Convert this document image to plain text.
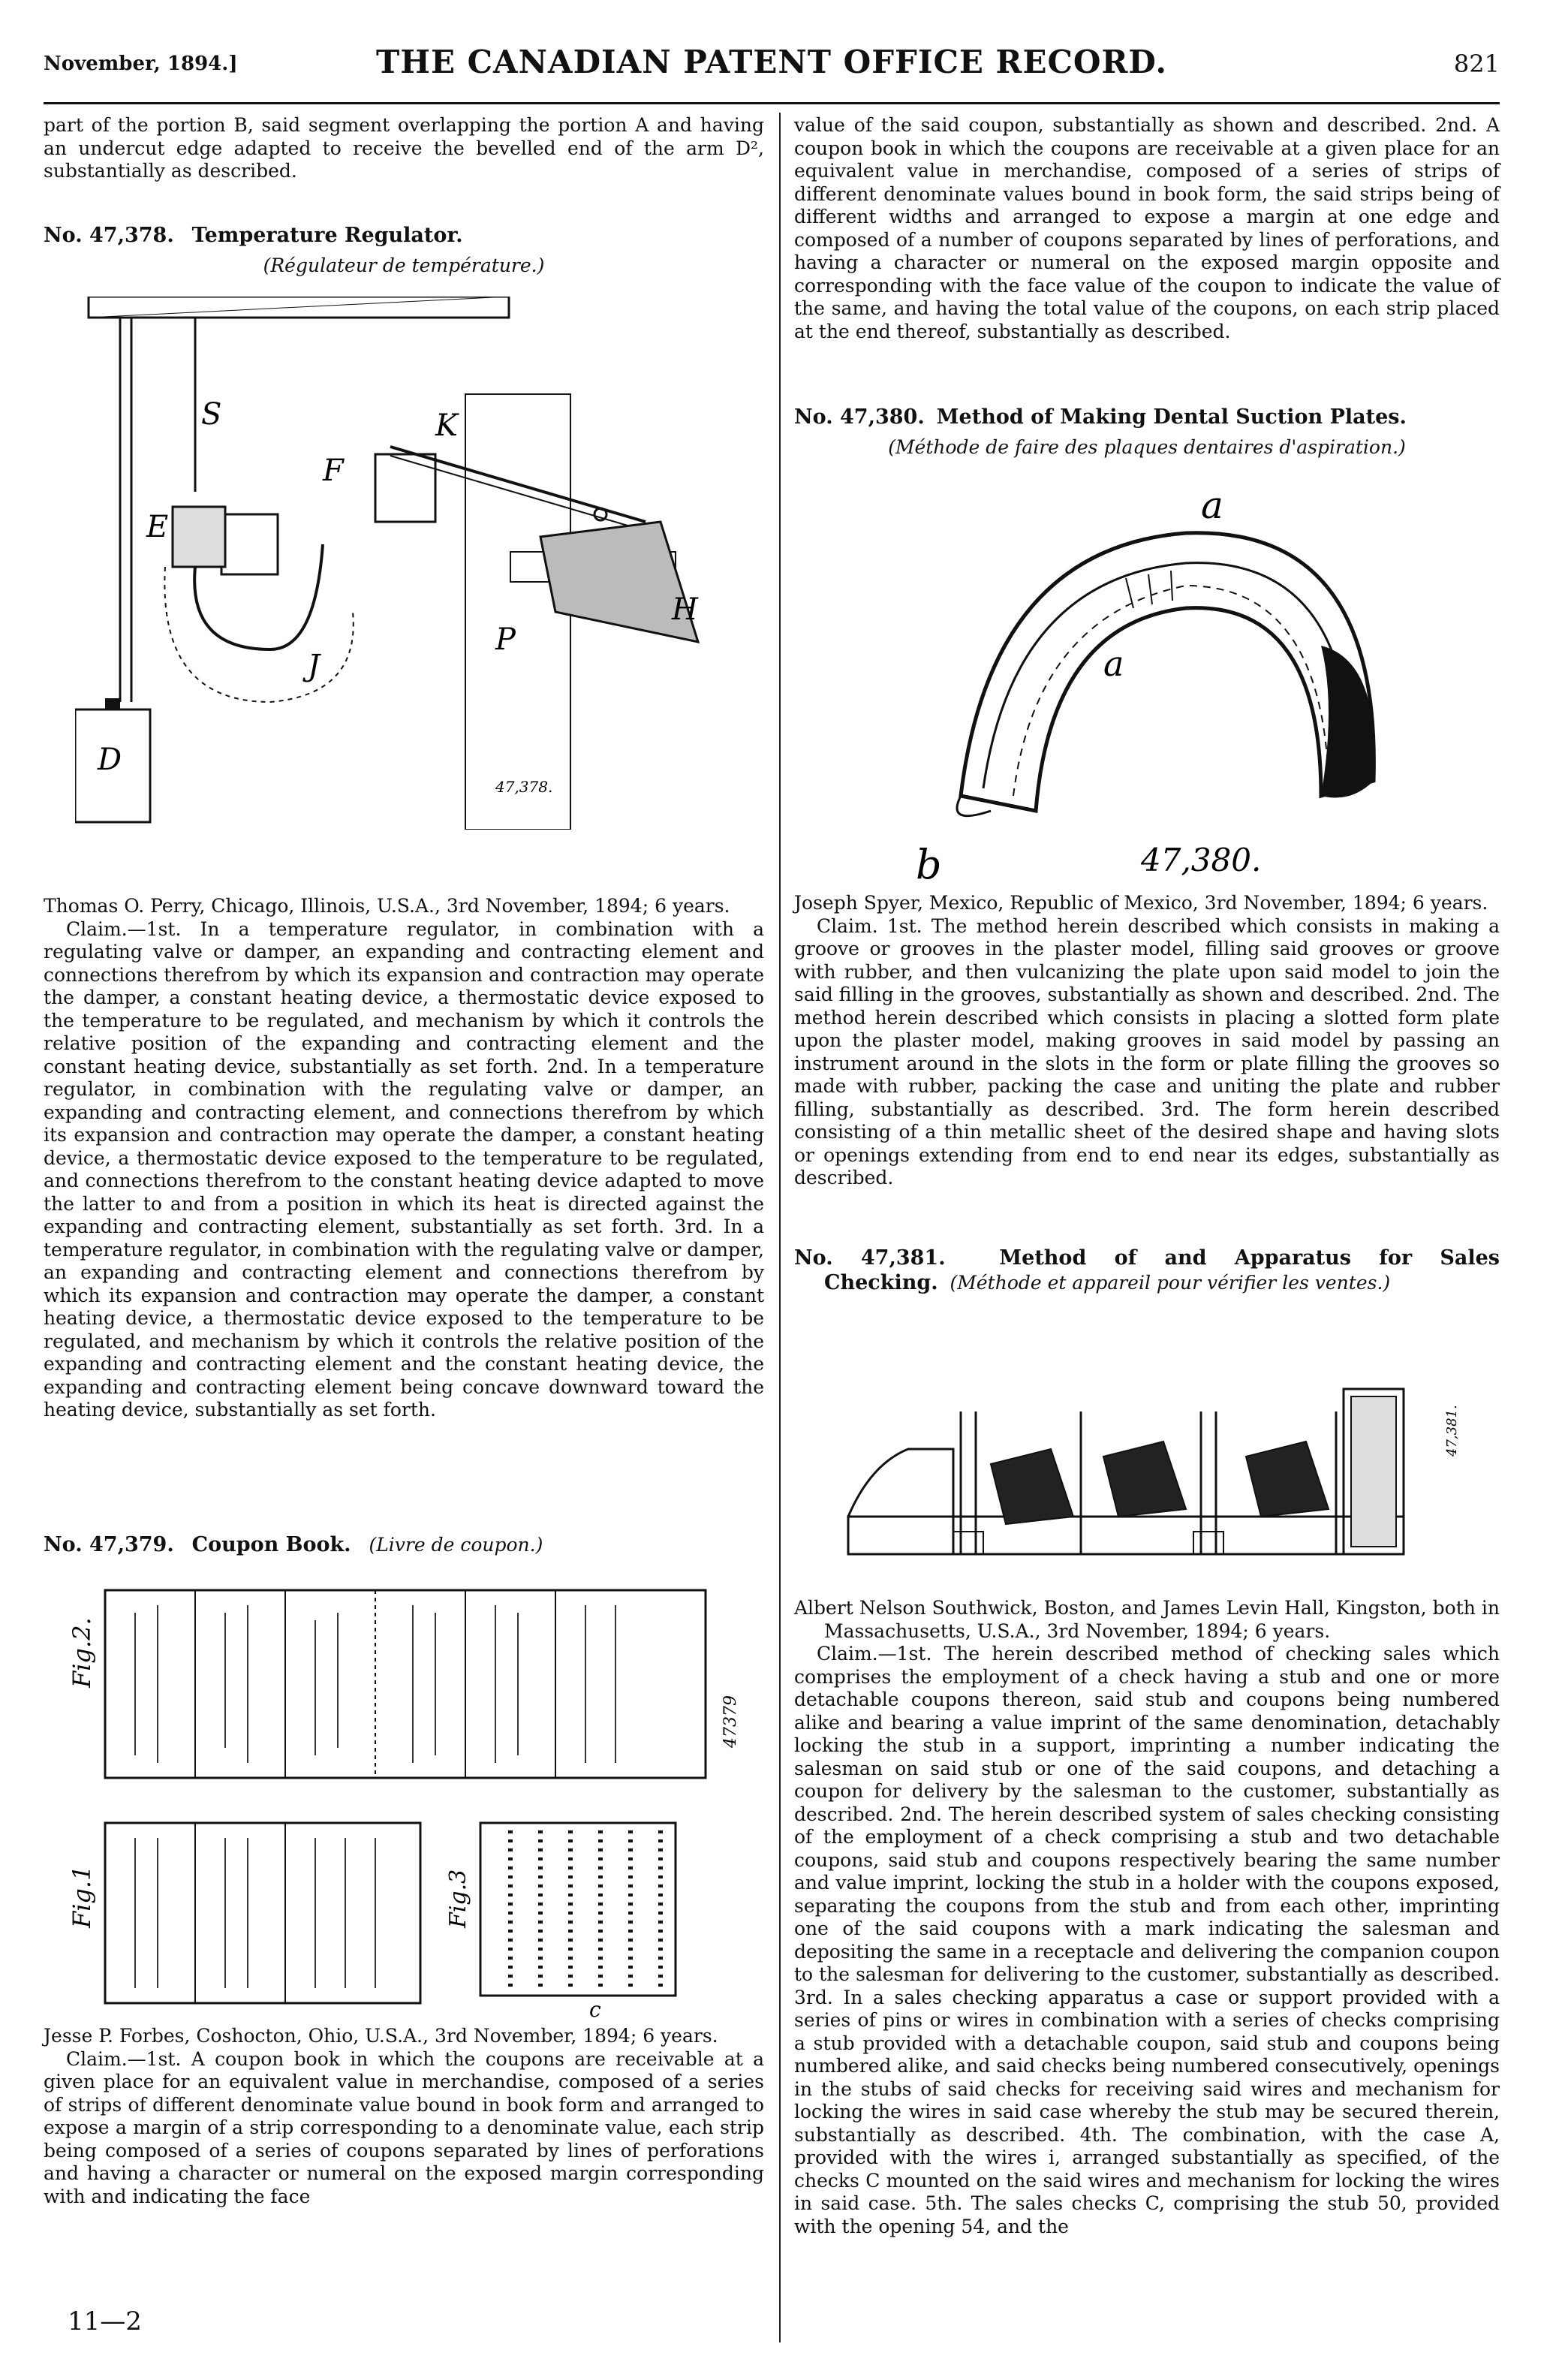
November, 1894.]	THE CANADIAN PATENT OFFICE RECORD.	821

part of the portion B, said segment overlapping the portion A and having an undercut edge adapted to receive the bevelled end of the arm D², substantially as described.

No. 47,378. Temperature Regulator.

(Régulateur de température.)

S	K
F
E
H
P
J
D
47,378.

Thomas O. Perry, Chicago, Illinois, U.S.A., 3rd November, 1894; 6 years.

Claim.—1st. In a temperature regulator, in combination with a regulating valve or damper, an expanding and contracting element and connections therefrom by which its expansion and contraction may operate the damper, a constant heating device, a thermostatic device exposed to the temperature to be regulated, and mechanism by which it controls the relative position of the expanding and contracting element and the constant heating device, substantially as set forth. 2nd. In a temperature regulator, in combination with the regulating valve or damper, an expanding and contracting element, and connections therefrom by which its expansion and contraction may operate the damper, a constant heating device, a thermostatic device exposed to the temperature to be regulated, and connections therefrom to the constant heating device adapted to move the latter to and from a position in which its heat is directed against the expanding and contracting element, substantially as set forth. 3rd. In a temperature regulator, in combination with the regulating valve or damper, an expanding and contracting element and connections therefrom by which its expansion and contraction may operate the damper, a constant heating device, a thermostatic device exposed to the temperature to be regulated, and mechanism by which it controls the relative position of the expanding and contracting element and the constant heating device, the expanding and contracting element being concave downward toward the heating device, substantially as set forth.

No. 47,379. Coupon Book. (Livre de coupon.)

Fig.2.
47379
Fig.1	Fig.3
c

Jesse P. Forbes, Coshocton, Ohio, U.S.A., 3rd November, 1894; 6 years.

Claim.—1st. A coupon book in which the coupons are receivable at a given place for an equivalent value in merchandise, composed of a series of strips of different denominate value bound in book form and arranged to expose a margin of a strip corresponding to a denominate value, each strip being composed of a series of coupons separated by lines of perforations and having a character or numeral on the exposed margin corresponding with and indicating the face

11—2

value of the said coupon, substantially as shown and described. 2nd. A coupon book in which the coupons are receivable at a given place for an equivalent value in merchandise, composed of a series of strips of different denominate values bound in book form, the said strips being of different widths and arranged to expose a margin at one edge and composed of a number of coupons separated by lines of perforations, and having a character or numeral on the exposed margin opposite and corresponding with the face value of the coupon to indicate the value of the same, and having the total value of the coupons, on each strip placed at the end thereof, substantially as described.

No. 47,380. Method of Making Dental Suction Plates.

(Méthode de faire des plaques dentaires d'aspiration.)

a
a
b	47,380.

Joseph Spyer, Mexico, Republic of Mexico, 3rd November, 1894; 6 years.

Claim. 1st. The method herein described which consists in making a groove or grooves in the plaster model, filling said grooves or groove with rubber, and then vulcanizing the plate upon said model to join the said filling in the grooves, substantially as shown and described. 2nd. The method herein described which consists in placing a slotted form plate upon the plaster model, making grooves in said model by passing an instrument around in the slots in the form or plate filling the grooves so made with rubber, packing the case and uniting the plate and rubber filling, substantially as described. 3rd. The form herein described consisting of a thin metallic sheet of the desired shape and having slots or openings extending from end to end near its edges, substantially as described.

No. 47,381.	Method of and Apparatus for Sales Checking. (Méthode et appareil pour vérifier les ventes.)

47,381.

Albert Nelson Southwick, Boston, and James Levin Hall, Kingston, both in Massachusetts, U.S.A., 3rd November, 1894; 6 years.

Claim.—1st. The herein described method of checking sales which comprises the employment of a check having a stub and one or more detachable coupons thereon, said stub and coupons being numbered alike and bearing a value imprint of the same denomination, detachably locking the stub in a support, imprinting a number indicating the salesman on said stub or one of the said coupons, and detaching a coupon for delivery by the salesman to the customer, substantially as described. 2nd. The herein described system of sales checking consisting of the employment of a check comprising a stub and two detachable coupons, said stub and coupons respectively bearing the same number and value imprint, locking the stub in a holder with the coupons exposed, separating the coupons from the stub and from each other, imprinting one of the said coupons with a mark indicating the salesman and depositing the same in a receptacle and delivering the companion coupon to the salesman for delivering to the customer, substantially as described. 3rd. In a sales checking apparatus a case or support provided with a series of pins or wires in combination with a series of checks comprising a stub provided with a detachable coupon, said stub and coupons being numbered alike, and said checks being numbered consecutively, openings in the stubs of said checks for receiving said wires and mechanism for locking the wires in said case whereby the stub may be secured therein, substantially as described. 4th. The combination, with the case A, provided with the wires i, arranged substantially as specified, of the checks C mounted on the said wires and mechanism for locking the wires in said case. 5th. The sales checks C, comprising the stub 50, provided with the opening 54, and the
